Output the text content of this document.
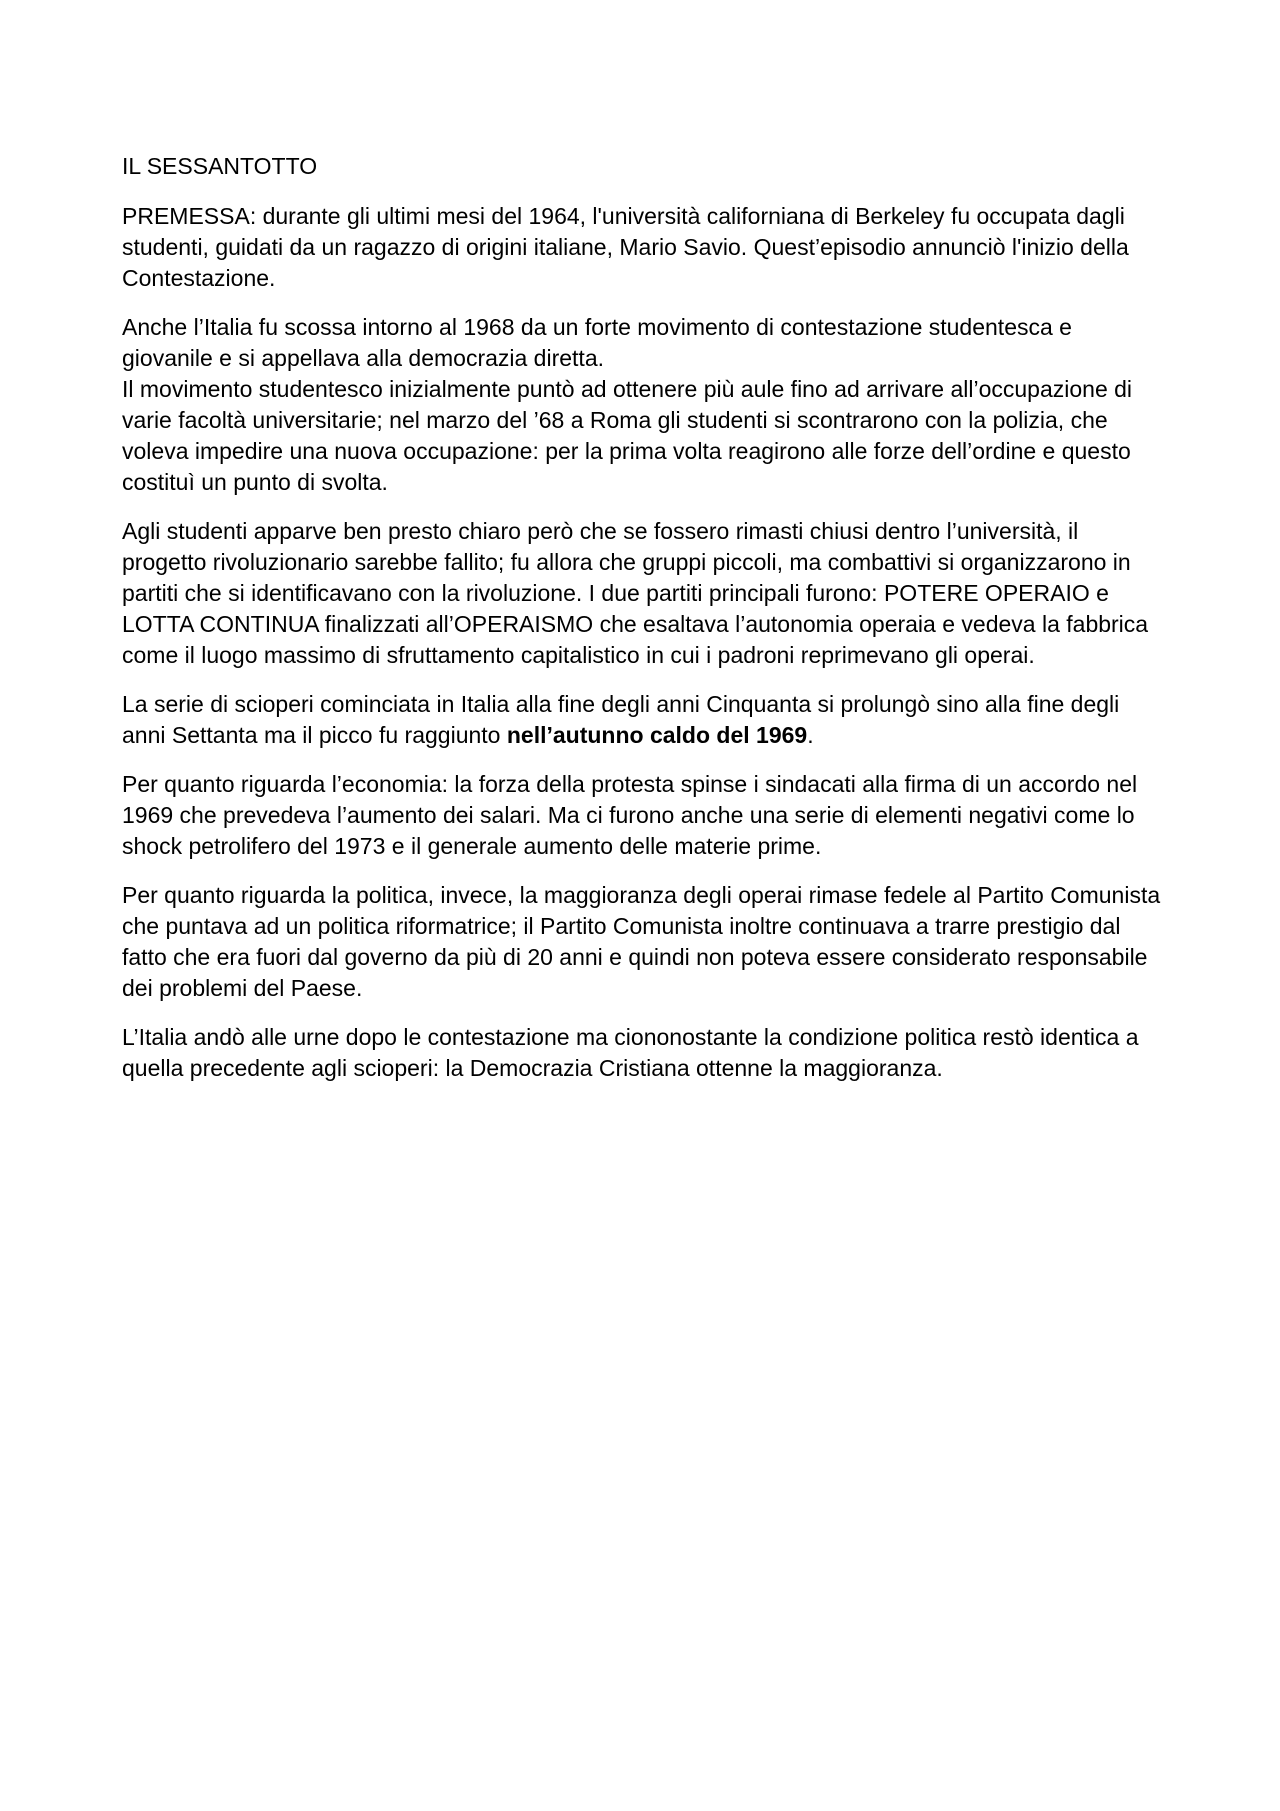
IL SESSANTOTTO

PREMESSA: durante gli ultimi mesi del 1964, l'università californiana di Berkeley fu occupata dagli studenti, guidati da un ragazzo di origini italiane, Mario Savio. Quest’episodio annunciò l'inizio della Contestazione.

Anche l’Italia fu scossa intorno al 1968 da un forte movimento di contestazione studentesca e giovanile e si appellava alla democrazia diretta.
Il movimento studentesco inizialmente puntò ad ottenere più aule fino ad arrivare all’occupazione di varie facoltà universitarie; nel marzo del ’68 a Roma gli studenti si scontrarono con la polizia, che voleva impedire una nuova occupazione: per la prima volta reagirono alle forze dell’ordine e questo costituì un punto di svolta.

Agli studenti apparve ben presto chiaro però che se fossero rimasti chiusi dentro l’università, il progetto rivoluzionario sarebbe fallito; fu allora che gruppi piccoli, ma combattivi si organizzarono in partiti che si identificavano con la rivoluzione. I due partiti principali furono: POTERE OPERAIO e LOTTA CONTINUA finalizzati all’OPERAISMO che esaltava l’autonomia operaia e vedeva la fabbrica come il luogo massimo di sfruttamento capitalistico in cui i padroni reprimevano gli operai.

La serie di scioperi cominciata in Italia alla fine degli anni Cinquanta si prolungò sino alla fine degli anni Settanta ma il picco fu raggiunto nell’autunno caldo del 1969.

Per quanto riguarda l’economia: la forza della protesta spinse i sindacati alla firma di un accordo nel 1969 che prevedeva l’aumento dei salari. Ma ci furono anche una serie di elementi negativi come lo shock petrolifero del 1973 e il generale aumento delle materie prime.

Per quanto riguarda la politica, invece, la maggioranza degli operai rimase fedele al Partito Comunista che puntava ad un politica riformatrice; il Partito Comunista inoltre continuava a trarre prestigio dal fatto che era fuori dal governo da più di 20 anni e quindi non poteva essere considerato responsabile dei problemi del Paese.

L’Italia andò alle urne dopo le contestazione ma ciononostante la condizione politica restò identica a quella precedente agli scioperi: la Democrazia Cristiana ottenne la maggioranza.
